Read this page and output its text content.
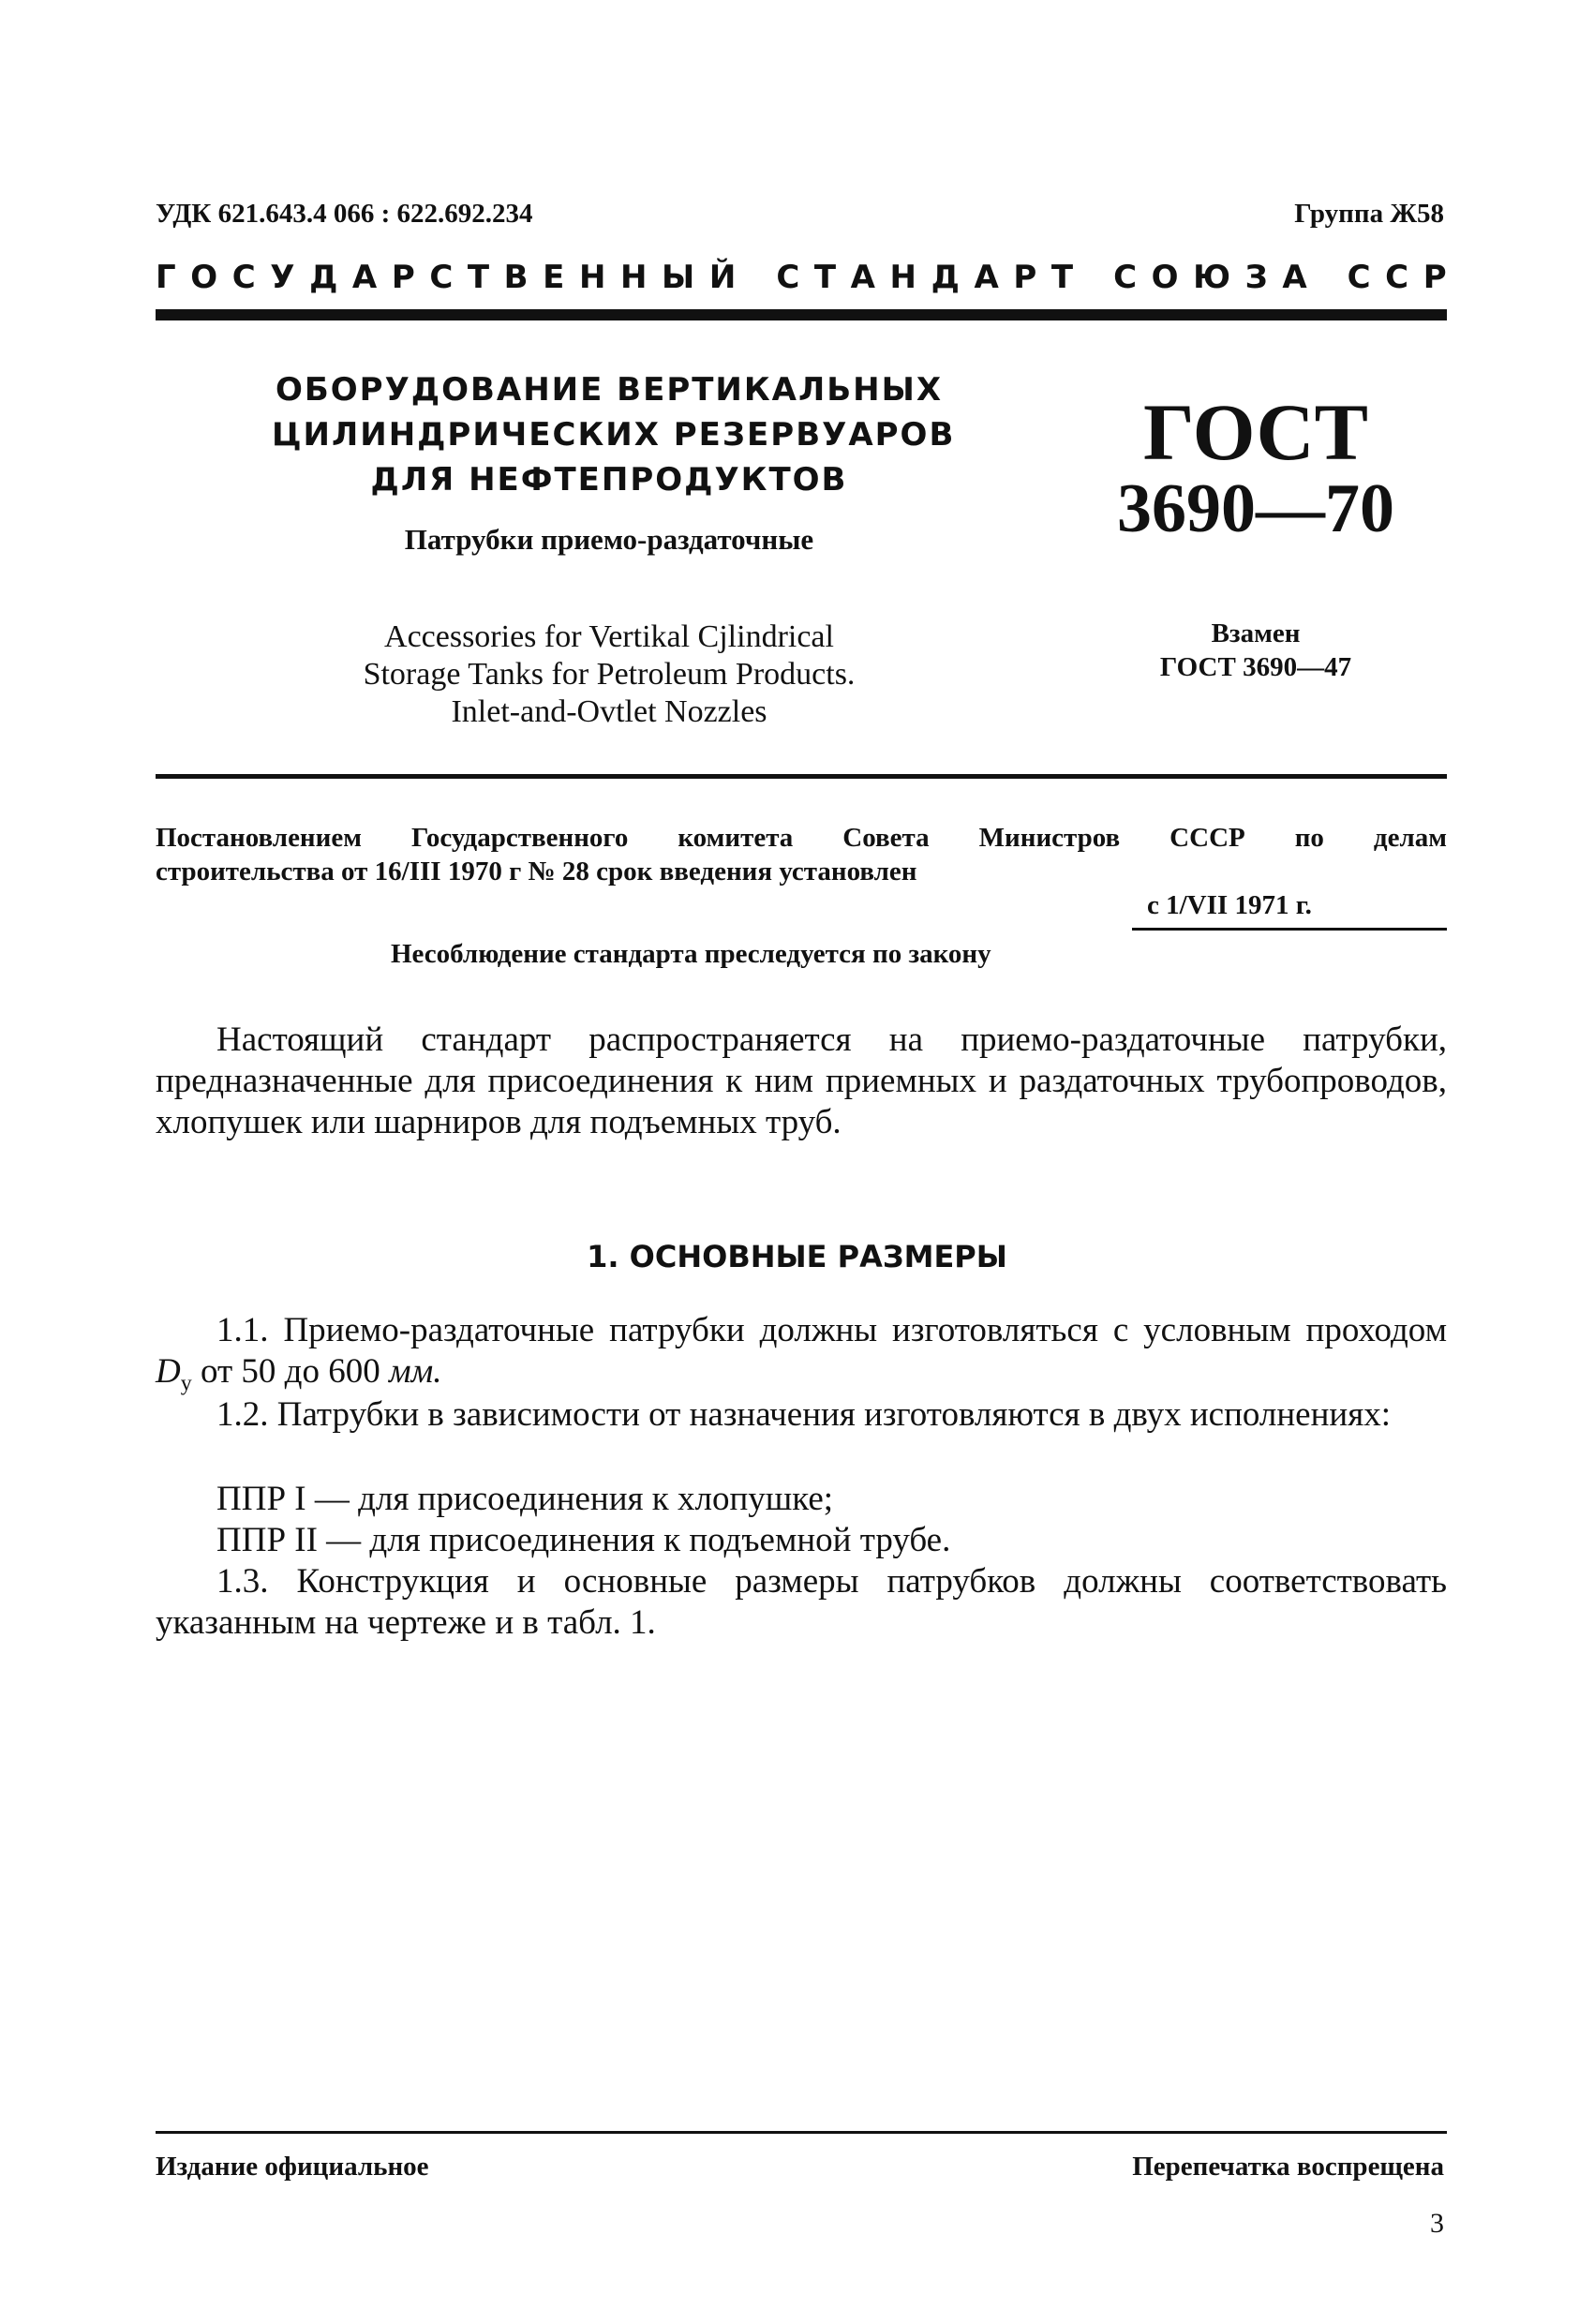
УДК 621.643.4 066 : 622.692.234	Группа Ж58
Г О С У Д А Р С Т В Е Н Н Ы Й
С Т А Н Д А Р Т
С О Ю З А
С С Р
ОБОРУДОВАНИЕ ВЕРТИКАЛЬНЫХ
ЦИЛИНДРИЧЕСКИХ РЕЗЕРВУАРОВ
ДЛЯ НЕФТЕПРОДУКТОВ
Патрубки приемо-раздаточные
ГОСТ
3690—70
Accessories for Vertikal Cjlindrical
Storage Tanks for Petroleum Products.
Inlet-and-Ovtlet Nozzles
Взамен
ГОСТ 3690—47
Постановлением Государственного комитета Совета Министров СССР по делам
строительства от 16/III 1970 г № 28 срок введения установлен
с 1/VII 1971 г.
Несоблюдение стандарта преследуется по закону
Настоящий стандарт распространяется на приемо-раздаточные патрубки, предназначенные для присоединения к ним приемных и раздаточных трубопроводов, хлопушек или шарниров для подъемных труб.
1. ОСНОВНЫЕ РАЗМЕРЫ
1.1. Приемо-раздаточные патрубки должны изготовляться с условным проходом $D_у$ от 50 до 600 мм.
1.2. Патрубки в зависимости от назначения изготовляются в двух исполнениях:
ППР I — для присоединения к хлопушке;
ППР II — для присоединения к подъемной трубе.
1.3. Конструкция и основные размеры патрубков должны соответствовать указанным на чертеже и в табл. 1.
Издание официальное	Перепечатка воспрещена
3
